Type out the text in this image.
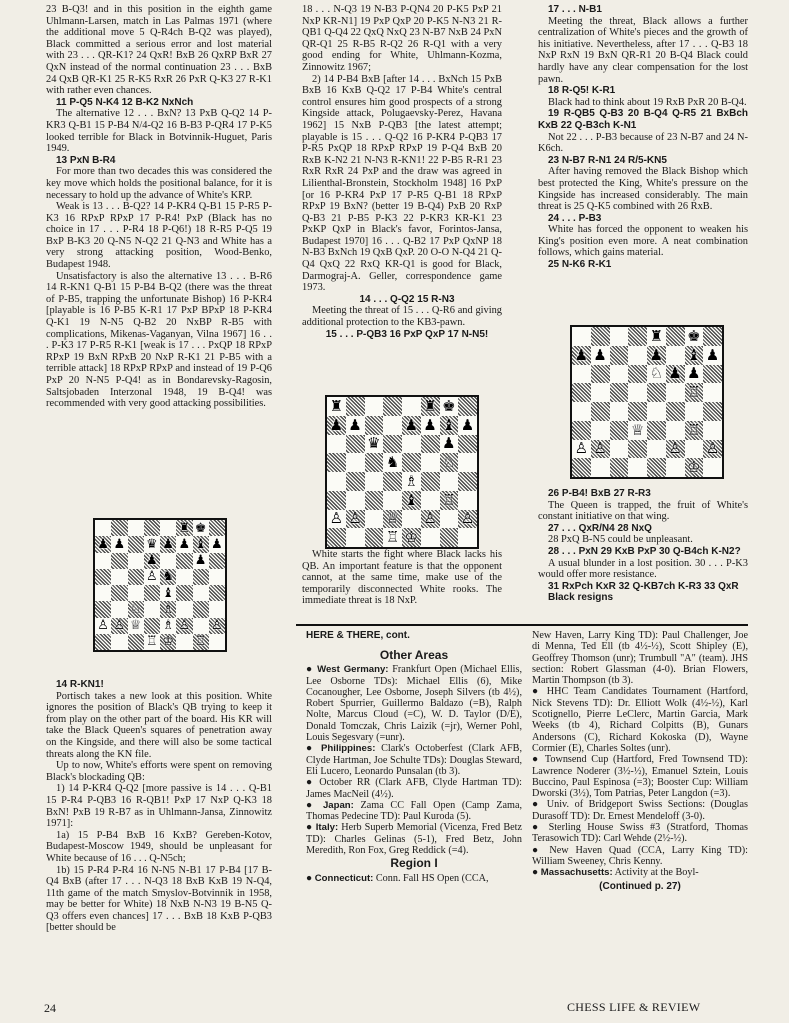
23 B-Q3! and in this position in the eighth game Uhlmann-Larsen, match in Las Palmas 1971 (where the additional move 5 Q-R4ch B-Q2 was played), Black committed a serious error and lost material with 23 . . . QR-K1? 24 QxR! BxB 26 QxRP BxR 27 QxN instead of the normal continuation 23 . . . BxB 24 QxB QR-K1 25 R-K5 RxR 26 PxR Q-K3 27 R-K1 with rather even chances.

11 P-Q5 N-K4 12 B-K2 NxNch

The alternative 12 . . . BxN? 13 PxB Q-Q2 14 P-KR3 Q-B1 15 P-B4 N/4-Q2 16 B-B3 P-QR4 17 P-K5 looked terrible for Black in Botvinnik-Huguet, Paris 1949.

13 PxN B-R4

For more than two decades this was considered the key move which holds the positional balance, for it is necessary to hold up the advance of White's KRP.

Weak is 13 . . . B-Q2? 14 P-KR4 Q-B1 15 P-R5 P-K3 16 RPxP RPxP 17 P-R4! PxP (Black has no choice in 17 . . . P-R4 18 P-Q6!) 18 R-R5 P-Q5 19 BxP B-K3 20 Q-N5 N-Q2 21 Q-N3 and White has a very strong attacking position, Wood-Benko, Budapest 1948.

Unsatisfactory is also the alternative 13 . . . B-R6 14 R-KN1 Q-B1 15 P-B4 B-Q2 (there was the threat of P-B5, trapping the unfortunate Bishop) 16 P-KR4 [playable is 16 P-B5 K-R1 17 PxP BPxP 18 P-KR4 Q-K1 19 N-N5 Q-B2 20 NxBP R-B5 with complications, Mikenas-Vaganyan, Vilna 1967] 16 . . . P-K3 17 P-R5 R-K1 [weak is 17 . . . PxQP 18 RPxP RPxP 19 BxN RPxB 20 NxP R-K1 21 P-B5 with a terrible attack] 18 RPxP RPxP and instead of 19 P-Q6 PxP 20 N-N5 P-Q4! as in Bondarevsky-Ragosin, Saltsjobaden Interzonal 1948, 19 B-Q4! was recommended with very good attacking possibilities.

♜ ♚
♟ ♟ ♛ ♟ ♟ ♝ ♟
♟	♟
♙ ♞
♝
♘ ♗
♙ ♙ ♕ ♗ ♙ ♙
♖ ♔ ♖

14 R-KN1!

Portisch takes a new look at this position. White ignores the position of Black's QB trying to keep it from play on the other part of the board. His KR will take the Black Queen's squares of penetration away on the Kingside, and there will also be some tactical threats along the KN file.

Up to now, White's efforts were spent on removing Black's blockading QB:

1) 14 P-KR4 Q-Q2 [more passive is 14 . . . Q-B1 15 P-R4 P-QB3 16 R-QB1! PxP 17 NxP Q-K3 18 BxN! PxB 19 R-B7 as in Uhlmann-Jansa, Zinnowitz 1971]:

1a) 15 P-B4 BxB 16 KxB? Gereben-Kotov, Budapest-Moscow 1949, should be unpleasant for White because of 16 . . . Q-N5ch;

1b) 15 P-R4 P-R4 16 N-N5 N-B1 17 P-B4 [17 B-Q4 BxB (after 17 . . . N-Q3 18 BxB KxB 19 N-Q4, 11th game of the match Smyslov-Botvinnik in 1958, may be better for White) 18 NxB N-N3 19 B-N5 Q-Q3 offers even chances] 17 . . . BxB 18 KxB P-QB3 [better should be

18 . . . N-Q3 19 N-B3 P-QN4 20 P-K5 PxP 21 NxP KR-N1] 19 PxP QxP 20 P-K5 N-N3 21 R-QB1 Q-Q4 22 QxQ NxQ 23 N-B7 NxB 24 PxN QR-Q1 25 R-B5 R-Q2 26 R-Q1 with a very good ending for White, Uhlmann-Kozma, Zinnowitz 1967;

2) 14 P-B4 BxB [after 14 . . . BxNch 15 PxB BxB 16 KxB Q-Q2 17 P-B4 White's central control ensures him good prospects of a strong Kingside attack, Polugaevsky-Perez, Havana 1962] 15 NxB P-QB3 [the latest attempt; playable is 15 . . . Q-Q2 16 P-KR4 P-QB3 17 P-R5 PxQP 18 RPxP RPxP 19 P-Q4 BxB 20 RxB K-N2 21 N-N3 R-KN1! 22 P-B5 R-R1 23 RxR RxR 24 PxP and the draw was agreed in Lilienthal-Bronstein, Stockholm 1948] 16 PxP [or 16 P-KR4 PxP 17 P-R5 Q-B1 18 RPxP RPxP 19 BxN? (better 19 B-Q4) PxB 20 RxP Q-B3 21 P-B5 P-K3 22 P-KR3 KR-K1 23 PxKP QxP in Black's favor, Forintos-Jansa, Budapest 1970] 16 . . . Q-B2 17 PxP QxNP 18 N-B3 BxNch 19 QxB QxP. 20 O-O N-Q4 21 Q-Q4 QxQ 22 RxQ KR-Q1 is good for Black, Darmograj-A. Geller, correspondence game 1973.

14 . . . Q-Q2 15 R-N3

Meeting the threat of 15 . . . Q-R6 and giving additional protection to the KB3-pawn.

15 . . . P-QB3 16 PxP QxP 17 N-N5!

♜	♜ ♚
♟ ♟	♟ ♟ ♝ ♟
♛	♟
♞	♘
♗
♝ ♖
♙ ♙ ♕ ♙ ♙
♖ ♔

White starts the fight where Black lacks his QB. An important feature is that the opponent cannot, at the same time, make use of the temporarily disconnected White rooks. The immediate threat is 18 NxP.

17 . . . N-B1

Meeting the threat, Black allows a further centralization of White's pieces and the growth of his initiative. Nevertheless, after 17 . . . Q-B3 18 NxP RxN 19 BxN QR-R1 20 B-Q4 Black could hardly have any clear compensation for the lost pawn.

18 R-Q5! K-R1

Black had to think about 19 RxB PxR 20 B-Q4.

19 R-QB5 Q-B3 20 B-Q4 Q-R5 21 BxBch KxB 22 Q-B3ch K-N1

Not 22 . . . P-B3 because of 23 N-B7 and 24 N-K6ch.

23 N-B7 R-N1 24 R/5-KN5

After having removed the Black Bishop which best protected the King, White's pressure on the Kingside has increased considerably. The main threat is 25 Q-K5 combined with 26 RxB.

24 . . . P-B3

White has forced the opponent to weaken his King's position even more. A neat combination follows, which gains material.

25 N-K6 R-K1

♜ ♚
♟ ♟	♟ ♝ ♟
♘ ♟ ♟
♖
♕	♖
♙ ♙	♙ ♙
♔

26 P-B4! BxB 27 R-R3

The Queen is trapped, the fruit of White's constant initiative on that wing.

27 . . . QxR/N4 28 NxQ

28 PxQ B-N5 could be unpleasant.

28 . . . PxN 29 KxB PxP 30 Q-B4ch K-N2?

A usual blunder in a lost position. 30 . . . P-K3 would offer more resistance.

31 RxPch KxR 32 Q-KB7ch K-R3 33 QxR

Black resigns

HERE & THERE, cont.
Other Areas

● West Germany: Frankfurt Open (Michael Ellis, Lee Osborne TDs): Michael Ellis (6), Mike Cocanougher, Lee Osborne, Joseph Silvers (tb 4½), Robert Spurrier, Guillermo Baldazo (=B), Ralph Nolte, Marcus Cloud (=C), W. D. Taylor (D/E), Donald Tomczak, Chris Laizik (=jr), Werner Pohl, Louis Segesvary (=unr).

● Philippines: Clark's Octoberfest (Clark AFB, Clyde Hartman, Joe Schulte TDs): Douglas Steward, Eli Lucero, Leonardo Punsalan (tb 3).

● October RR (Clark AFB, Clyde Hartman TD): James MacNeil (4½).

● Japan: Zama CC Fall Open (Camp Zama, Thomas Pedecine TD): Paul Kuroda (5).

● Italy: Herb Superb Memorial (Vicenza, Fred Betz TD): Charles Gelinas (5-1), Fred Betz, John Meredith, Ron Fox, Greg Reddick (=4).

Region I

● Connecticut: Conn. Fall HS Open (CCA,

New Haven, Larry King TD): Paul Challenger, Joe di Menna, Ted Ell (tb 4½-½), Scott Shipley (E), Geoffrey Thomson (unr); Trumbull "A" (team). JHS section: Robert Glassman (4-0). Brian Flowers, Martin Thompson (tb 3).

● HHC Team Candidates Tournament (Hartford, Nick Stevens TD): Dr. Elliott Wolk (4½-½), Karl Scotignello, Pierre LeClerc, Martin Garcia, Mark Weeks (tb 4), Richard Colpitts (B), Gunars Andersons (C), Richard Kokoska (D), Wayne Cormier (E), Charles Soltes (unr).

● Townsend Cup (Hartford, Fred Townsend TD): Lawrence Noderer (3½-½), Emanuel Sztein, Louis Buccino, Paul Espinosa (=3); Booster Cup: William Dworski (3½), Tom Patrias, Peter Langdon (=3).

● Univ. of Bridgeport Swiss Sections: (Douglas Durasoff TD): Dr. Ernest Mendeloff (3-0).

● Sterling House Swiss #3 (Stratford, Thomas Terasowich TD): Carl Wehde (2½-½).

● New Haven Quad (CCA, Larry King TD): William Sweeney, Chris Kenny.

● Massachusetts: Activity at the Boyl-

(Continued p. 27)
24	CHESS LIFE & REVIEW
